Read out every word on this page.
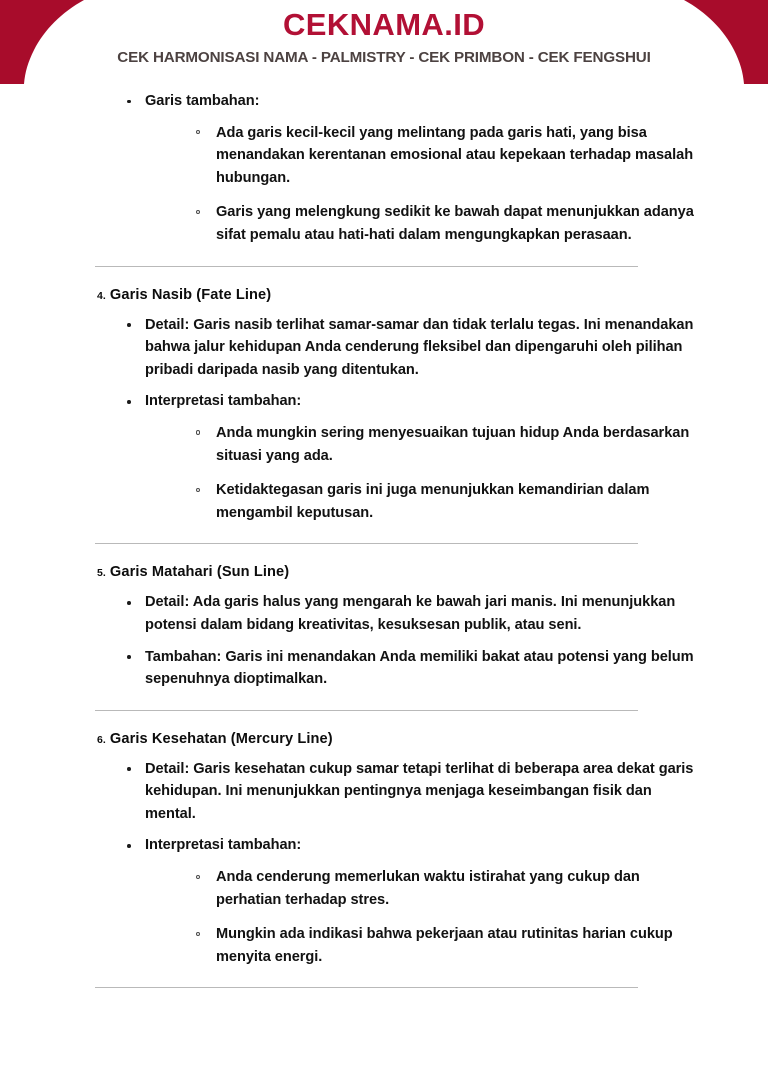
CEKNAMA.ID
CEK HARMONISASI NAMA - PALMISTRY - CEK PRIMBON - CEK FENGSHUI
Garis tambahan:
Ada garis kecil-kecil yang melintang pada garis hati, yang bisa menandakan kerentanan emosional atau kepekaan terhadap masalah hubungan.
Garis yang melengkung sedikit ke bawah dapat menunjukkan adanya sifat pemalu atau hati-hati dalam mengungkapkan perasaan.
4. Garis Nasib (Fate Line)
Detail: Garis nasib terlihat samar-samar dan tidak terlalu tegas. Ini menandakan bahwa jalur kehidupan Anda cenderung fleksibel dan dipengaruhi oleh pilihan pribadi daripada nasib yang ditentukan.
Interpretasi tambahan:
Anda mungkin sering menyesuaikan tujuan hidup Anda berdasarkan situasi yang ada.
Ketidaktegasan garis ini juga menunjukkan kemandirian dalam mengambil keputusan.
5. Garis Matahari (Sun Line)
Detail: Ada garis halus yang mengarah ke bawah jari manis. Ini menunjukkan potensi dalam bidang kreativitas, kesuksesan publik, atau seni.
Tambahan: Garis ini menandakan Anda memiliki bakat atau potensi yang belum sepenuhnya dioptimalkan.
6. Garis Kesehatan (Mercury Line)
Detail: Garis kesehatan cukup samar tetapi terlihat di beberapa area dekat garis kehidupan. Ini menunjukkan pentingnya menjaga keseimbangan fisik dan mental.
Interpretasi tambahan:
Anda cenderung memerlukan waktu istirahat yang cukup dan perhatian terhadap stres.
Mungkin ada indikasi bahwa pekerjaan atau rutinitas harian cukup menyita energi.
